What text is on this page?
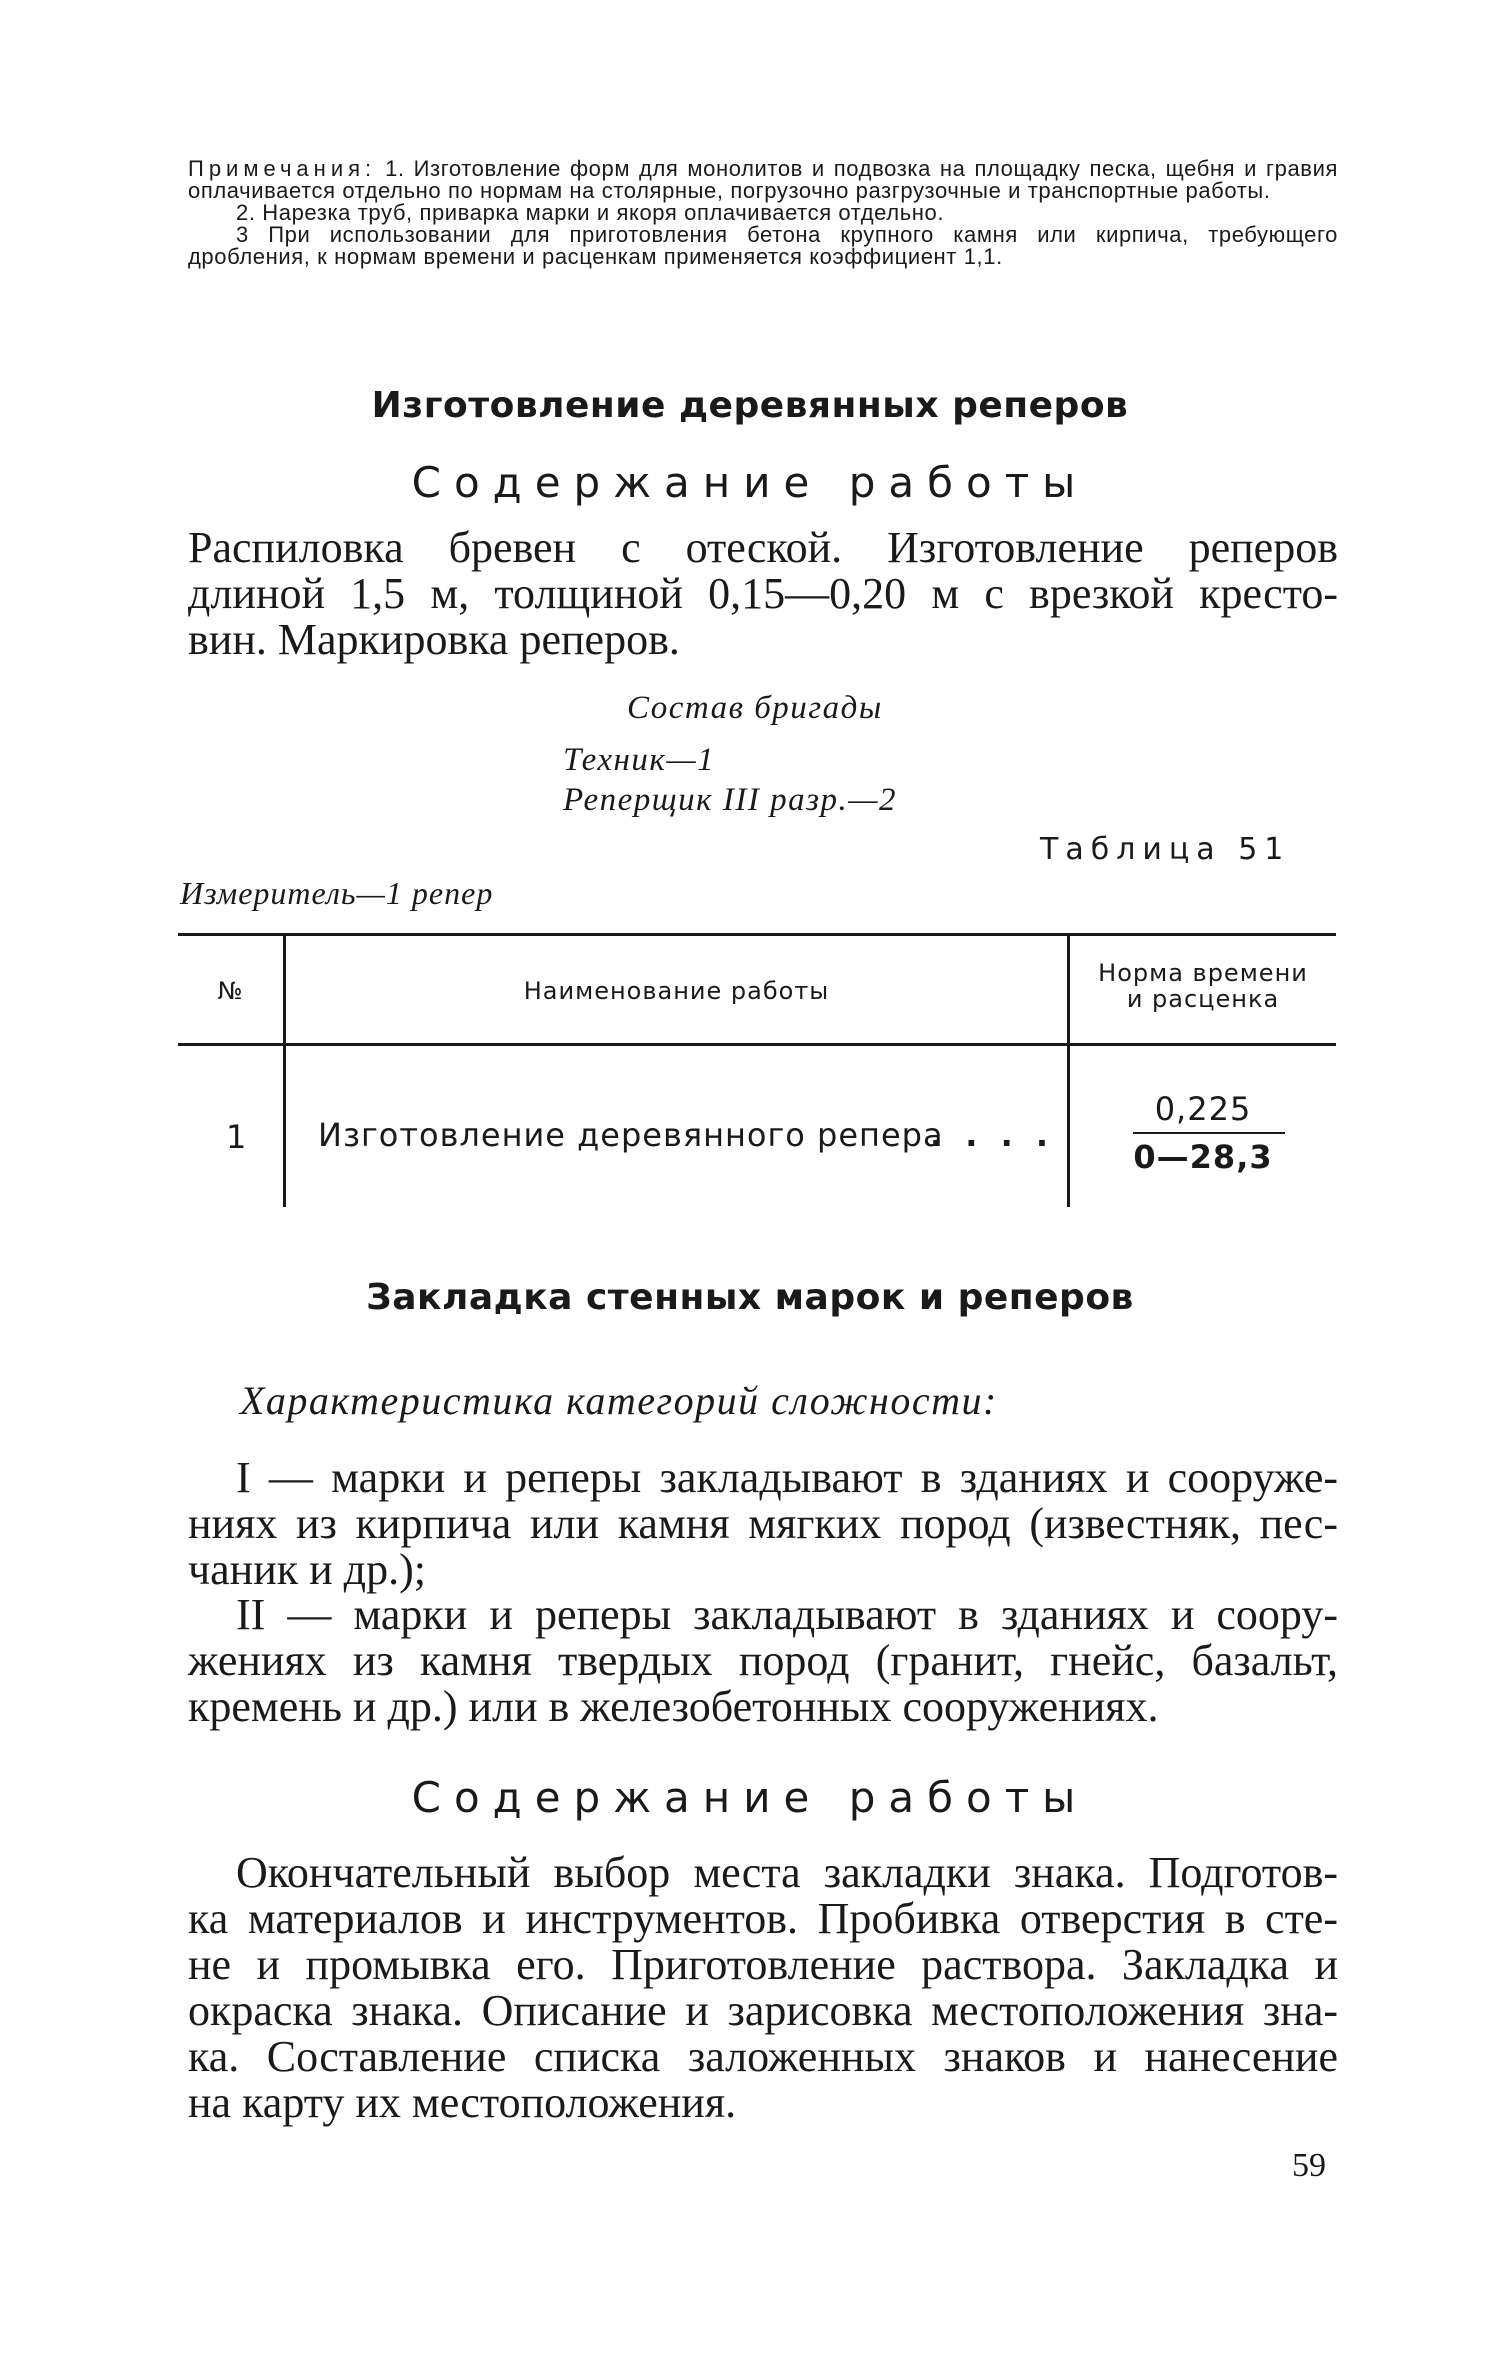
Примечания: 1. Изготовление форм для монолитов и подвозка на площадку песка, щебня и гравия оплачивается отдельно по нормам на столярные, погрузочно разгрузочные и транспортные работы.

2. Нарезка труб, приварка марки и якоря оплачивается отдельно.

3 При использовании для приготовления бетона крупного камня или кирпича, требующего дробления, к нормам времени и расценкам применяется коэффициент 1,1.

Изготовление деревянных реперов
Содержание работы
Распиловка бревен с отеской. Изготовление реперов
длиной 1,5 м, толщиной 0,15—0,20 м с врезкой кресто-
вин. Маркировка реперов.
Состав бригады
Техник—1
Реперщик III разр.—2
Таблица 51
Измеритель—1 репер
№	Наименование работы
Норма времени
и расценка
1 Изготовление деревянного репера
. . . .
0,225
0—28,3
Закладка стенных марок и реперов
Характеристика категорий сложности:
I — марки и реперы закладывают в зданиях и сооруже-
ниях из кирпича или камня мягких пород (известняк, пес-
чаник и др.);
II — марки и реперы закладывают в зданиях и соору-
жениях из камня твердых пород (гранит, гнейс, базальт,
кремень и др.) или в железобетонных сооружениях.
Содержание работы
Окончательный выбор места закладки знака. Подготов-
ка материалов и инструментов. Пробивка отверстия в сте-
не и промывка его. Приготовление раствора. Закладка и
окраска знака. Описание и зарисовка местоположения зна-
ка. Составление списка заложенных знаков и нанесение
на карту их местоположения.
59
